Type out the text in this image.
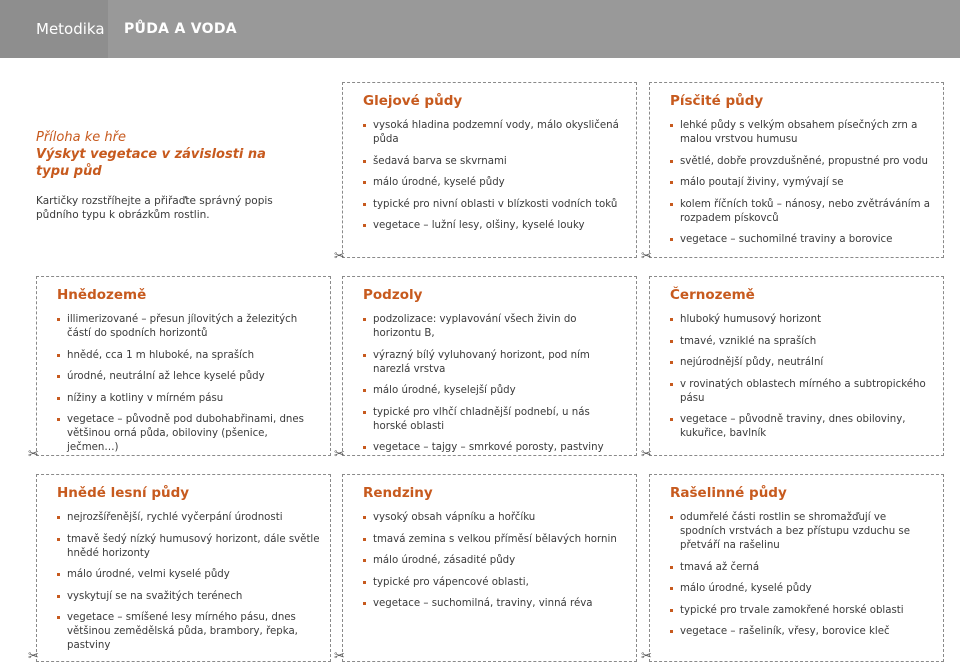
Metodika PŮDA A VODA
Příloha ke hře
Výskyt vegetace v závislosti na typu půd
Kartičky rozstříhejte a přiřaďte správný popis půdního typu k obrázkům rostlin.
Glejové půdy
vysoká hladina podzemní vody, málo okysličená půda
šedavá barva se skvrnami
málo úrodné, kyselé půdy
typické pro nivní oblasti v blízkosti vodních toků
vegetace – lužní lesy, olšiny, kyselé louky
Písčité půdy
lehké půdy s velkým obsahem písečných zrn a malou vrstvou humusu
světlé, dobře provzdušněné, propustné pro vodu
málo poutají živiny, vymývají se
kolem říčních toků – nánosy, nebo zvětráváním a rozpadem pískovců
vegetace – suchomilné traviny a borovice
Hnědozemě
illimerizované – přesun jílovitých a železitých částí do spodních horizontů
hnědé, cca 1 m hluboké, na spraších
úrodné, neutrální až lehce kyselé půdy
nížiny a kotliny v mírném pásu
vegetace – původně pod dubohabřinami, dnes většinou orná půda, obiloviny (pšenice, ječmen…)
Podzoly
podzolizace: vyplavování všech živin do horizontu B,
výrazný bílý vyluhovaný horizont, pod ním narezlá vrstva
málo úrodné, kyselejší půdy
typické pro vlhčí chladnější podnebí, u nás horské oblasti
vegetace – tajgy – smrkové porosty, pastviny
Černozemě
hluboký humusový horizont
tmavé, vzniklé na spraších
nejúrodnější půdy, neutrální
v rovinatých oblastech mírného a subtropického pásu
vegetace – původně traviny, dnes obiloviny, kukuřice, bavlník
Hnědé lesní půdy
nejrozšířenější, rychlé vyčerpání úrodnosti
tmavě šedý nízký humusový horizont, dále světle hnědé horizonty
málo úrodné, velmi kyselé půdy
vyskytují se na svažitých terénech
vegetace – smíšené lesy mírného pásu, dnes většinou zemědělská půda, brambory, řepka, pastviny
Rendziny
vysoký obsah vápníku a hořčíku
tmavá zemina s velkou příměsí bělavých hornin
málo úrodné, zásadité půdy
typické pro vápencové oblasti,
vegetace – suchomilná, traviny, vinná réva
Rašelinné půdy
odumřelé části rostlin se shromažďují ve spodních vrstvách a bez přístupu vzduchu se přetváří na rašelinu
tmavá až černá
málo úrodné, kyselé půdy
typické pro trvale zamokřené horské oblasti
vegetace – rašeliník, vřesy, borovice kleč
✂	✂
✂	✂	✂
✂	✂	✂
